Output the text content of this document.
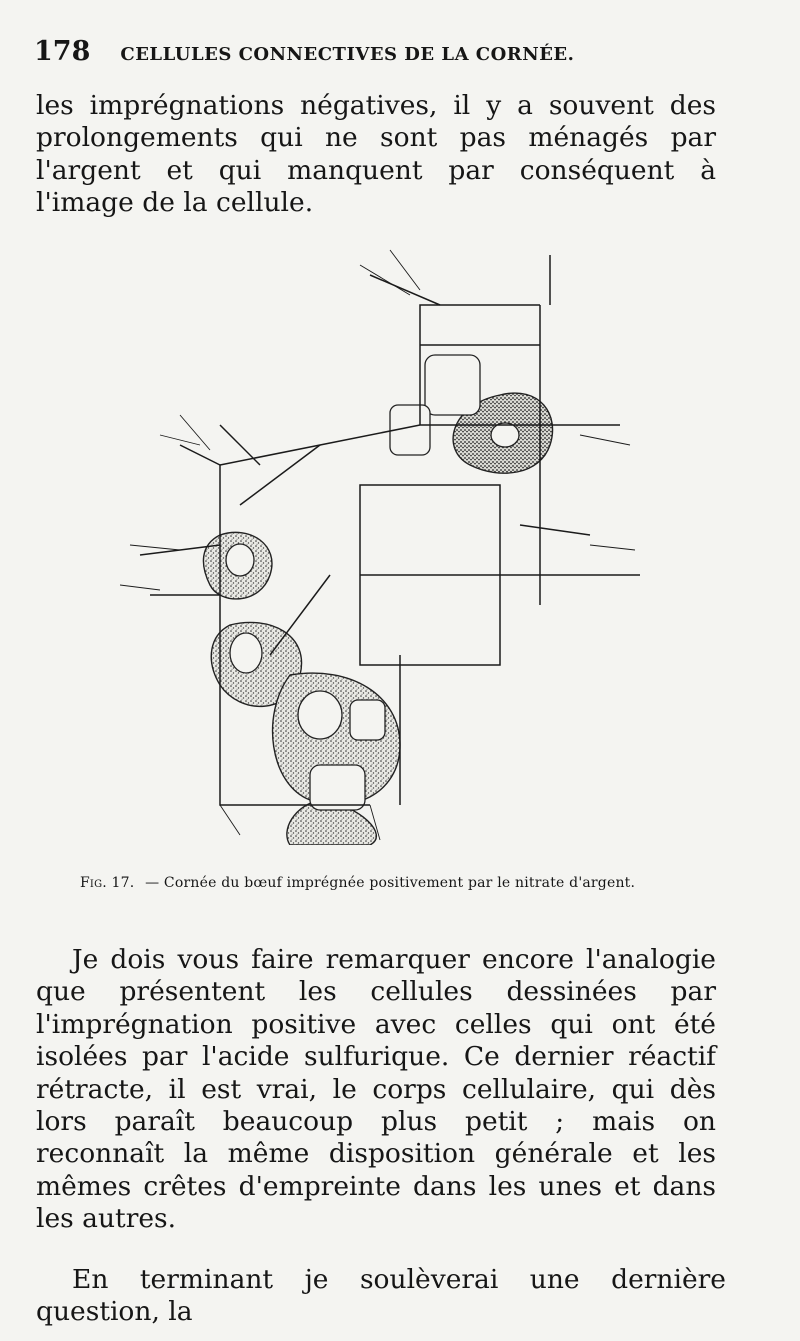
178 CELLULES CONNECTIVES DE LA CORNÉE.

les imprégnations négatives, il y a souvent des prolongements qui ne sont pas ménagés par l'argent et qui manquent par conséquent à l'image de la cellule.

Fig. 17. — Cornée du bœuf imprégnée positivement par le nitrate d'argent.

Je dois vous faire remarquer encore l'analogie que présentent les cellules dessinées par l'imprégnation positive avec celles qui ont été isolées par l'acide sulfurique. Ce dernier réactif rétracte, il est vrai, le corps cellulaire, qui dès lors paraît beaucoup plus petit ; mais on reconnaît la même disposition générale et les mêmes crêtes d'empreinte dans les unes et dans les autres.

En terminant je soulèverai une dernière question, la
